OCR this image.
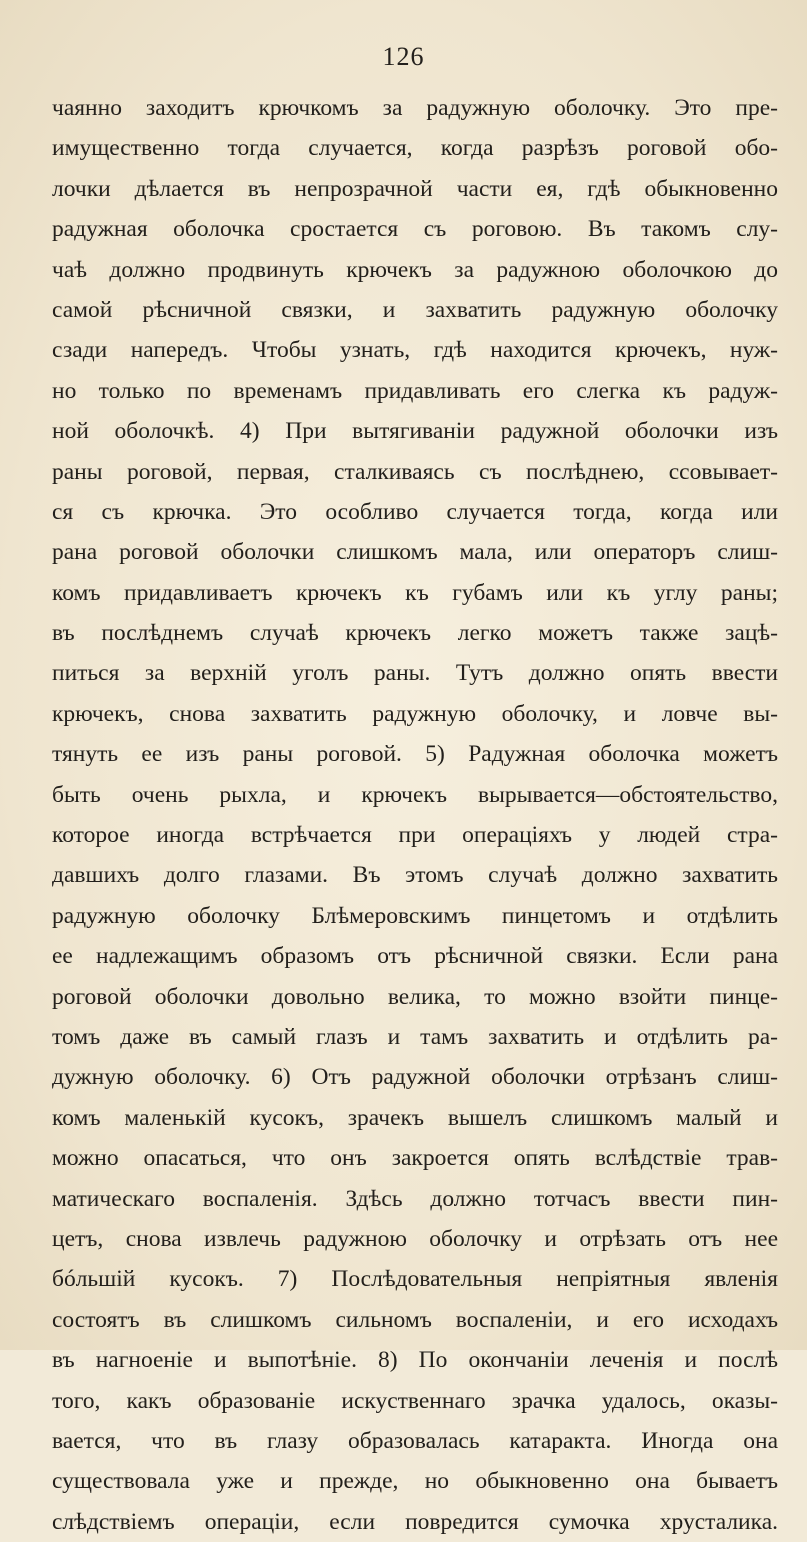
126
чаянно заходитъ крючкомъ за радужную оболочку. Это пре-
имущественно тогда случается, когда разрѣзъ роговой обо-
лочки дѣлается въ непрозрачной части ея, гдѣ обыкновенно
радужная оболочка сростается съ роговою. Въ такомъ слу-
чаѣ должно продвинуть крючекъ за радужною оболочкою до
самой рѣсничной связки, и захватить радужную оболочку
сзади напередъ. Чтобы узнать, гдѣ находится крючекъ, нуж-
но только по временамъ придавливать его слегка къ радуж-
ной оболочкѣ. 4) При вытягиваніи радужной оболочки изъ
раны роговой, первая, сталкиваясь съ послѣднею, ссовывает-
ся съ крючка. Это особливо случается тогда, когда или
рана роговой оболочки слишкомъ мала, или операторъ слиш-
комъ придавливаетъ крючекъ къ губамъ или къ углу раны;
въ послѣднемъ случаѣ крючекъ легко можетъ также зацѣ-
питься за верхній уголъ раны. Тутъ должно опять ввести
крючекъ, снова захватить радужную оболочку, и ловче вы-
тянуть ее изъ раны роговой. 5) Радужная оболочка можетъ
быть очень рыхла, и крючекъ вырывается—обстоятельство,
которое иногда встрѣчается при операціяхъ у людей стра-
давшихъ долго глазами. Въ этомъ случаѣ должно захватить
радужную оболочку Блѣмеровскимъ пинцетомъ и отдѣлить
ее надлежащимъ образомъ отъ рѣсничной связки. Если рана
роговой оболочки довольно велика, то можно взойти пинце-
томъ даже въ самый глазъ и тамъ захватить и отдѣлить ра-
дужную оболочку. 6) Отъ радужной оболочки отрѣзанъ слиш-
комъ маленькій кусокъ, зрачекъ вышелъ слишкомъ малый и
можно опасаться, что онъ закроется опять вслѣдствіе трав-
матическаго воспаленія. Здѣсь должно тотчасъ ввести пин-
цетъ, снова извлечь радужною оболочку и отрѣзать отъ нее
бóльшій кусокъ. 7) Послѣдовательныя непріятныя явленія
состоятъ въ слишкомъ сильномъ воспаленіи, и его исходахъ
въ нагноеніе и выпотѣніе. 8) По окончаніи леченія и послѣ
того, какъ образованіе искуственнаго зрачка удалось, оказы-
вается, что въ глазу образовалась катаракта. Иногда она
существовала уже и прежде, но обыкновенно она бываетъ
слѣдствіемъ операціи, если повредится сумочка хрусталика.
